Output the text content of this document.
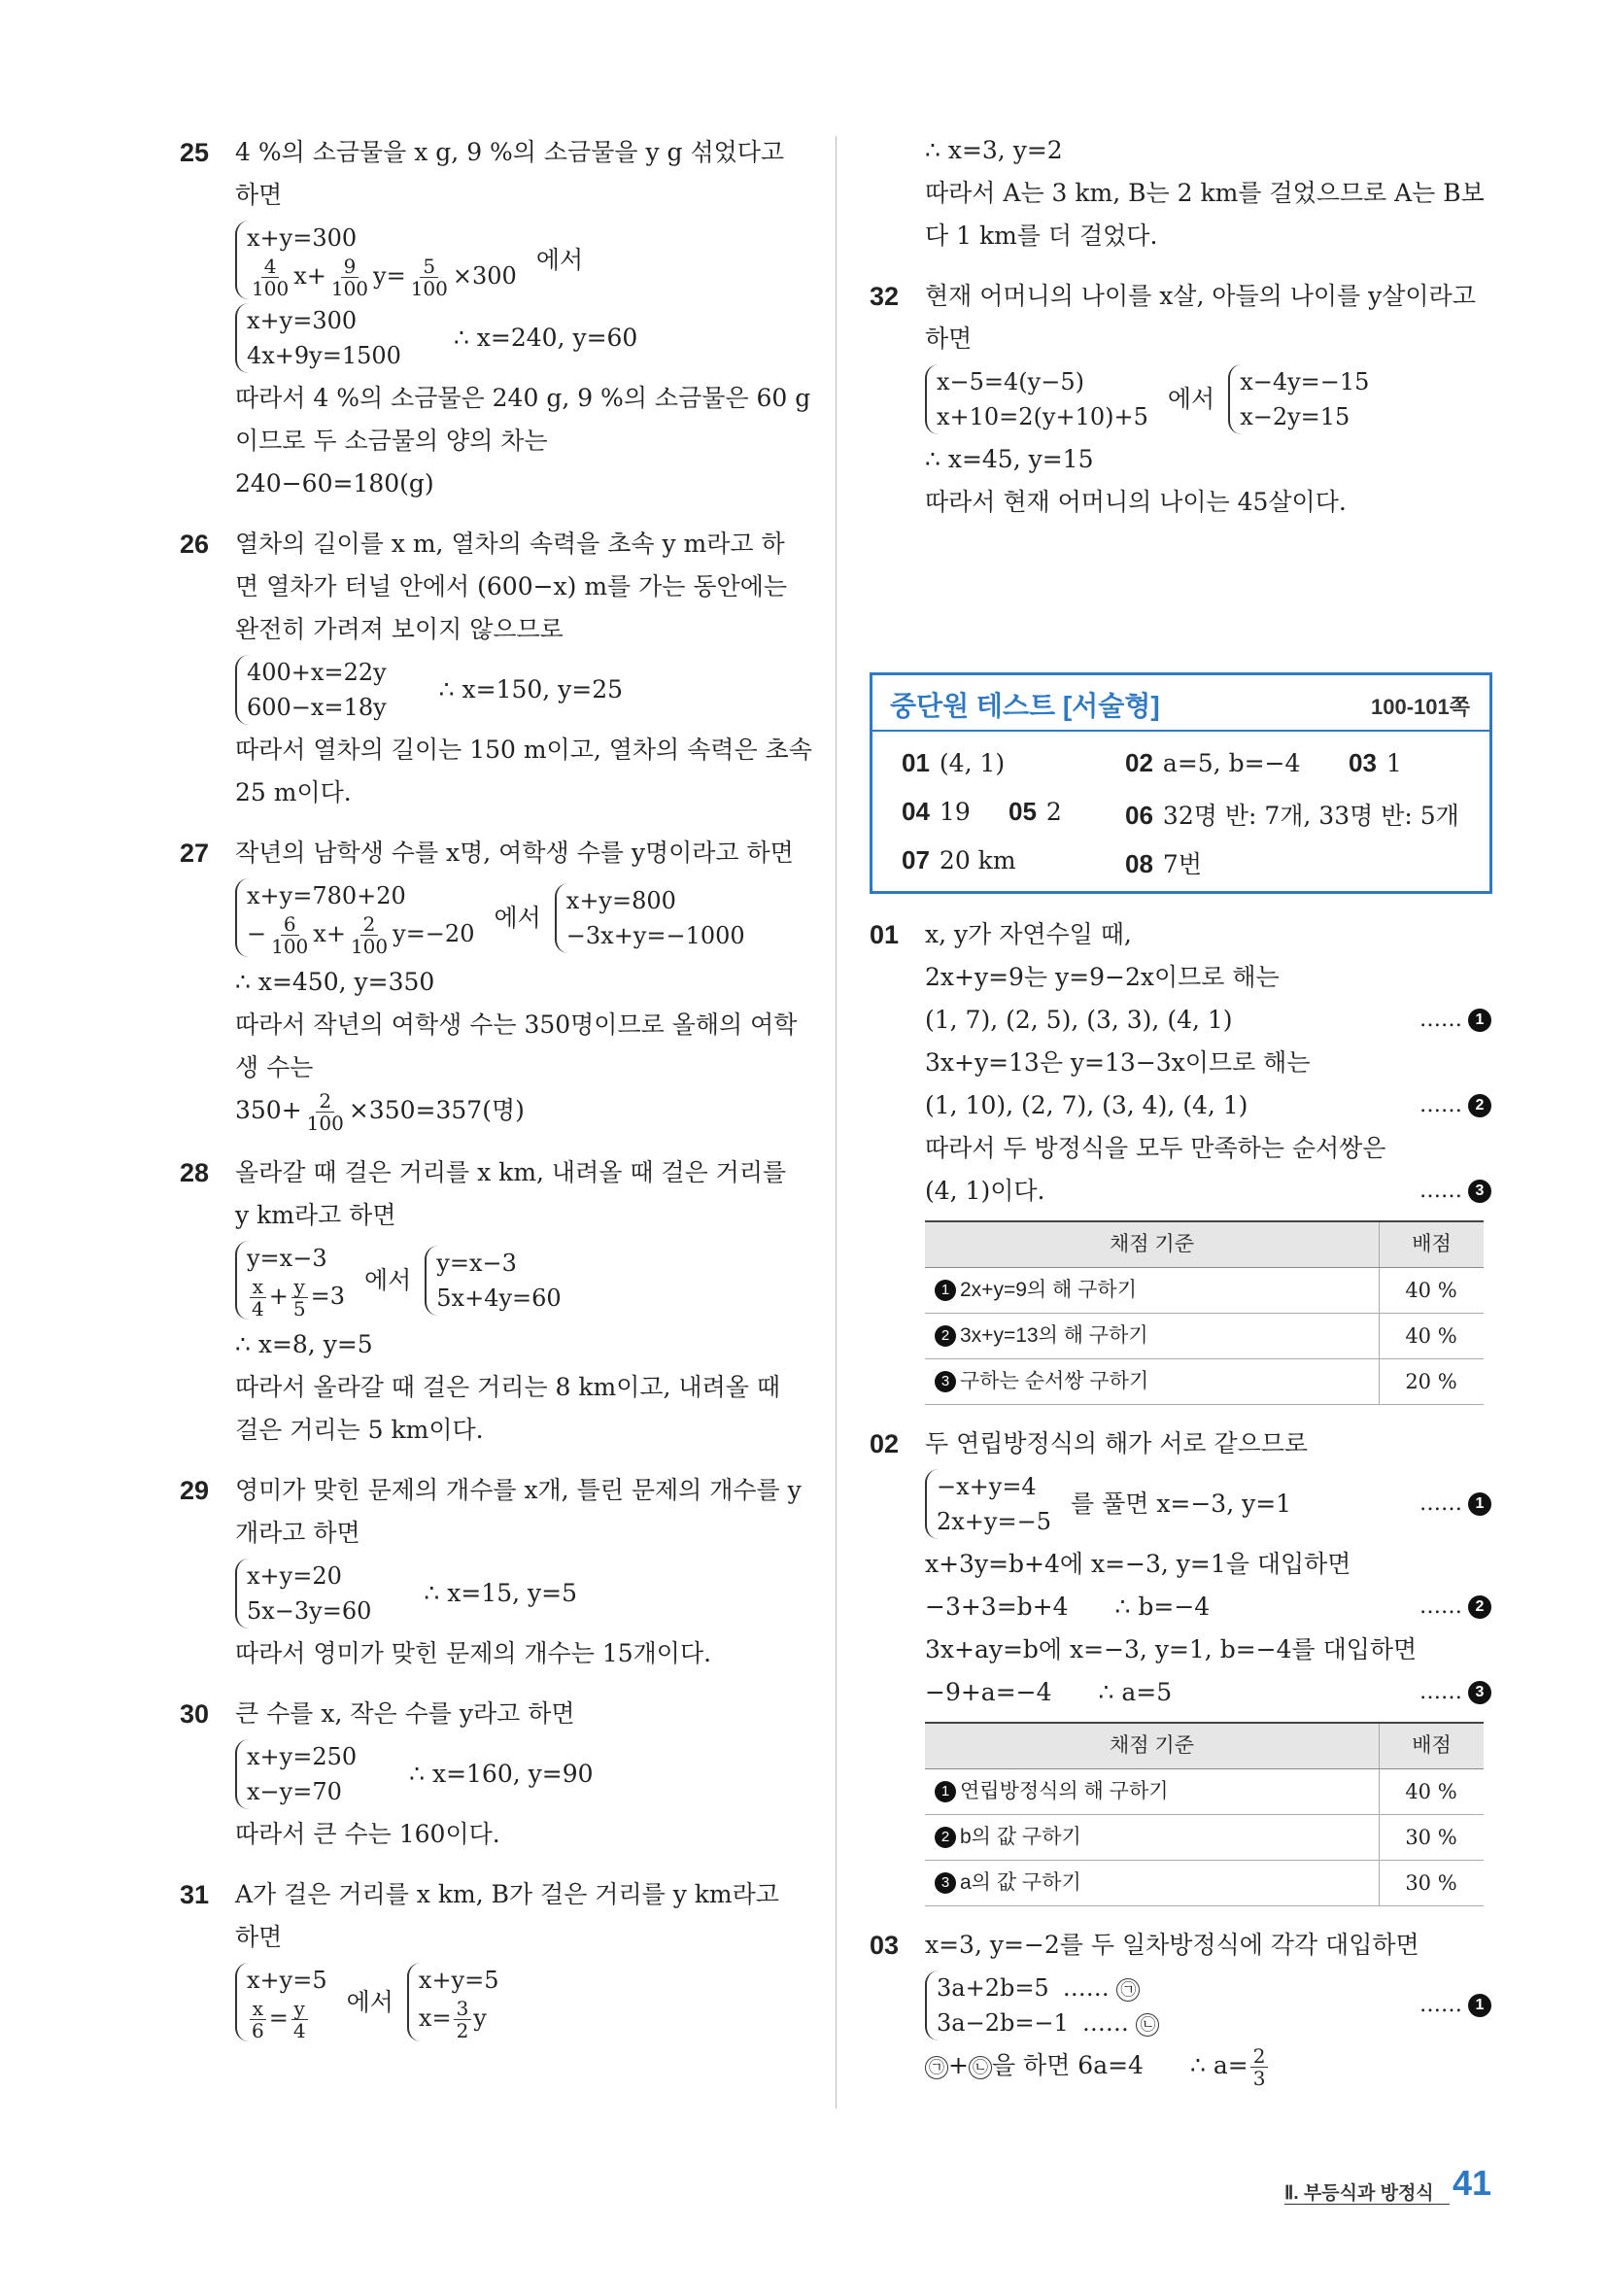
25 4 %의 소금물을 x g, 9 %의 소금물을 y g 섞었다고
하면
x+y=300
$\frac{4}{100} x+ \frac{9}{100} y= \frac{5}{100} \times 300$
에서
x+y=300
4x+9y=1500
∴ x=240, y=60
따라서 4 %의 소금물은 240 g, 9 %의 소금물은 60 g
이므로 두 소금물의 양의 차는
240−60=180(g)
26 열차의 길이를 x m, 열차의 속력을 초속 y m라고 하
면 열차가 터널 안에서 (600−x) m를 가는 동안에는
완전히 가려져 보이지 않으므로
400+x=22y
600−x=18y
∴ x=150, y=25
따라서 열차의 길이는 150 m이고, 열차의 속력은 초속
25 m이다.
27 작년의 남학생 수를 x명, 여학생 수를 y명이라고 하면
x+y=780+20
− $\frac{6}{100} x+ \frac{2}{100} y=-20$
에서
x+y=800
−3x+y=−1000
∴ x=450, y=350
따라서 작년의 여학생 수는 350명이므로 올해의 여학
생 수는
$350+ \frac{2}{100} \times 350=357$(명)
28 올라갈 때 걸은 거리를 x km, 내려올 때 걸은 거리를
y km라고 하면
y=x−3
$\frac{x}{4} + \frac{y}{5} =3$
에서
y=x−3
5x+4y=60
∴ x=8, y=5
따라서 올라갈 때 걸은 거리는 8 km이고, 내려올 때
걸은 거리는 5 km이다.
29 영미가 맞힌 문제의 개수를 x개, 틀린 문제의 개수를 y
개라고 하면
x+y=20
5x−3y=60
∴ x=15, y=5
따라서 영미가 맞힌 문제의 개수는 15개이다.
30 큰 수를 x, 작은 수를 y라고 하면
x+y=250
x−y=70
∴ x=160, y=90
따라서 큰 수는 160이다.
31 A가 걸은 거리를 x km, B가 걸은 거리를 y km라고
하면
x+y=5
$\frac{x}{6} = \frac{y}{4}$ 에서
x+y=5
$x= \frac{3}{2}$ y
∴ x=3, y=2
따라서 A는 3 km, B는 2 km를 걸었으므로 A는 B보
다 1 km를 더 걸었다.
32 현재 어머니의 나이를 x살, 아들의 나이를 y살이라고
하면
x−5=4(y−5)
x+10=2(y+10)+5
에서
x−4y=−15
x−2y=15
∴ x=45, y=15
따라서 현재 어머니의 나이는 45살이다.
중단원 테스트 [서술형]	100-101쪽
01 (4, 1)	02 a=5, b=−4 03 1
04 19 05 2	06 32명 반: 7개, 33명 반: 5개
07 20 km	08 7번
01 x, y가 자연수일 때,
2x+y=9는 y=9−2x이므로 해는
(1, 7), (2, 5), (3, 3), (4, 1)	…… 1
3x+y=13은 y=13−3x이므로 해는
(1, 10), (2, 7), (3, 4), (4, 1)	…… 2
따라서 두 방정식을 모두 만족하는 순서쌍은
(4, 1)이다.	…… 3
채점 기준	배점
1 2x+y=9의 해 구하기	40 %
2 3x+y=13의 해 구하기	40 %
3 구하는 순서쌍 구하기	20 %
02 두 연립방정식의 해가 서로 같으므로
−x+y=4
2x+y=−5
를 풀면 x=−3, y=1	…… 1
x+3y=b+4에 x=−3, y=1을 대입하면
−3+3=b+4 ∴ b=−4	…… 2
3x+ay=b에 x=−3, y=1, b=−4를 대입하면
−9+a=−4 ∴ a=5	…… 3
채점 기준	배점
1 연립방정식의 해 구하기	40 %
2 b의 값 구하기	30 %
3 a의 값 구하기	30 %
03 x=3, y=−2를 두 일차방정식에 각각 대입하면
3a+2b=5 …… ㉠
3a−2b=−1 …… ㉡
…… 1
㉠ + ㉡ 을 하면 6a=4 ∴ $a= \frac{2}{3}$
Ⅱ. 부등식과 방정식 41
